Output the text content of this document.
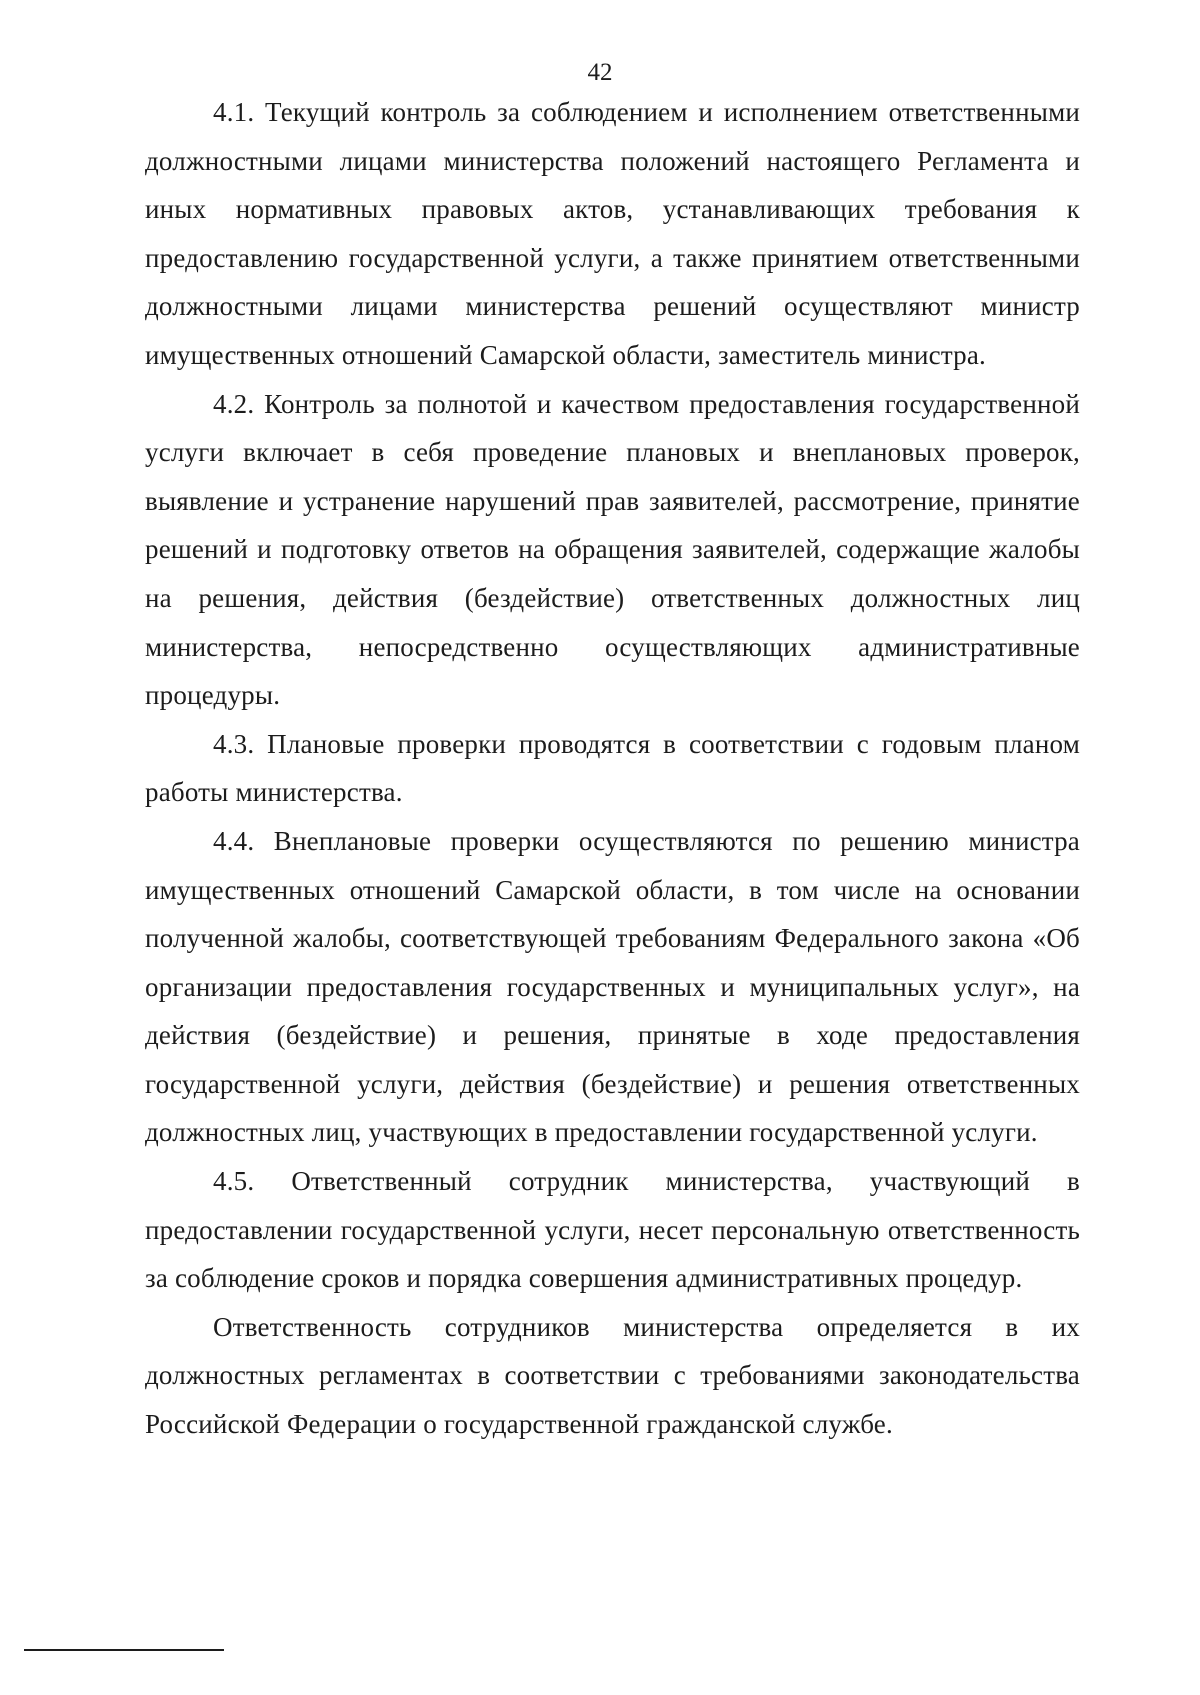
42

4.1. Текущий контроль за соблюдением и исполнением ответственными должностными лицами министерства положений настоящего Регламента и иных нормативных правовых актов, устанавливающих требования к предоставлению государственной услуги, а также принятием ответственными должностными лицами министерства решений осуществляют министр имущественных отношений Самарской области, заместитель министра.

4.2. Контроль за полнотой и качеством предоставления государственной услуги включает в себя проведение плановых и внеплановых проверок, выявление и устранение нарушений прав заявителей, рассмотрение, принятие решений и подготовку ответов на обращения заявителей, содержащие жалобы на решения, действия (бездействие) ответственных должностных лиц министерства, непосредственно осуществляющих административные процедуры.

4.3. Плановые проверки проводятся в соответствии с годовым планом работы министерства.

4.4. Внеплановые проверки осуществляются по решению министра имущественных отношений Самарской области, в том числе на основании полученной жалобы, соответствующей требованиям Федерального закона «Об организации предоставления государственных и муниципальных услуг», на действия (бездействие) и решения, принятые в ходе предоставления государственной услуги, действия (бездействие) и решения ответственных должностных лиц, участвующих в предоставлении государственной услуги.

4.5. Ответственный сотрудник министерства, участвующий в предоставлении государственной услуги, несет персональную ответственность за соблюдение сроков и порядка совершения административных процедур.

Ответственность сотрудников министерства определяется в их должностных регламентах в соответствии с требованиями законодательства Российской Федерации о государственной гражданской службе.
